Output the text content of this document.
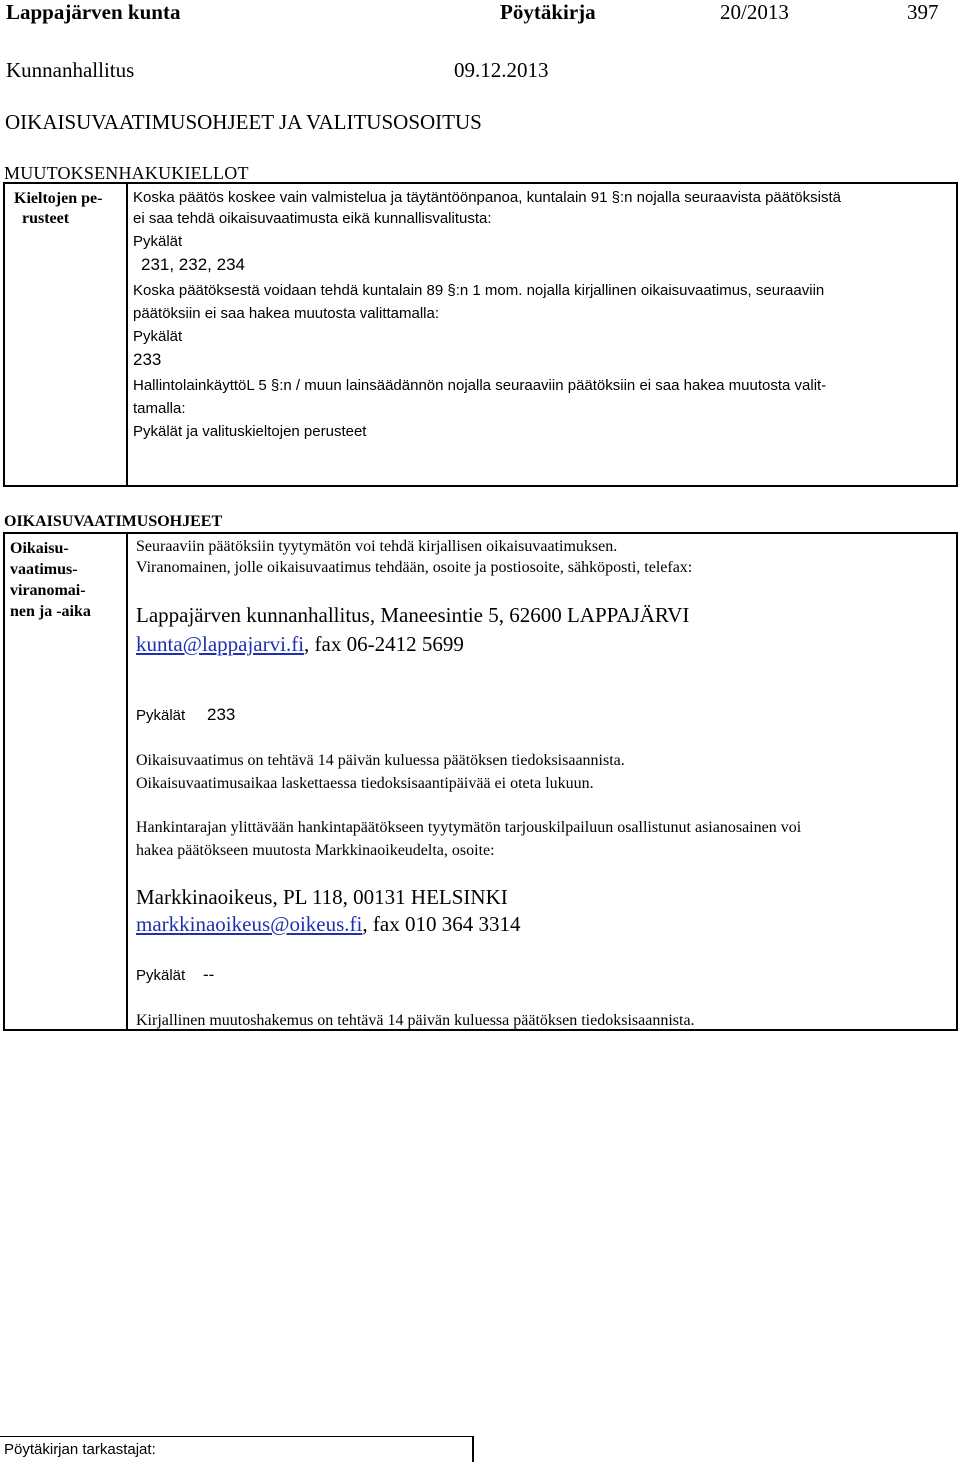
Lappajärven kunta	Pöytäkirja	20/2013	397
Kunnanhallitus	09.12.2013
OIKAISUVAATIMUSOHJEET JA VALITUSOSOITUS
MUUTOKSENHAKUKIELLOT
Kieltojen pe-
rusteet
Koska päätös koskee vain valmistelua ja täytäntöönpanoa, kuntalain 91 §:n nojalla seuraavista päätöksistä
ei saa tehdä oikaisuvaatimusta eikä kunnallisvalitusta:
Pykälät
231, 232, 234
Koska päätöksestä voidaan tehdä kuntalain 89 §:n 1 mom. nojalla kirjallinen oikaisuvaatimus, seuraaviin
päätöksiin ei saa hakea muutosta valittamalla:
Pykälät
233
HallintolainkäyttöL 5 §:n / muun lainsäädännön nojalla seuraaviin päätöksiin ei saa hakea muutosta valit-
tamalla:
Pykälät ja valituskieltojen perusteet
OIKAISUVAATIMUSOHJEET
Oikaisu-
vaatimus-
viranomai-
nen ja -aika
Seuraaviin päätöksiin tyytymätön voi tehdä kirjallisen oikaisuvaatimuksen.
Viranomainen, jolle oikaisuvaatimus tehdään, osoite ja postiosoite, sähköposti, telefax:
Lappajärven kunnanhallitus, Maneesintie 5, 62600 LAPPAJÄRVI
kunta@lappajarvi.fi, fax 06-2412 5699
Pykälät 233
Oikaisuvaatimus on tehtävä 14 päivän kuluessa päätöksen tiedoksisaannista.
Oikaisuvaatimusaikaa laskettaessa tiedoksisaantipäivää ei oteta lukuun.
Hankintarajan ylittävään hankintapäätökseen tyytymätön tarjouskilpailuun osallistunut asianosainen voi
hakea päätökseen muutosta Markkinaoikeudelta, osoite:
Markkinaoikeus, PL 118, 00131 HELSINKI
markkinaoikeus@oikeus.fi, fax 010 364 3314
Pykälät --
Kirjallinen muutoshakemus on tehtävä 14 päivän kuluessa päätöksen tiedoksisaannista.
Pöytäkirjan tarkastajat:
